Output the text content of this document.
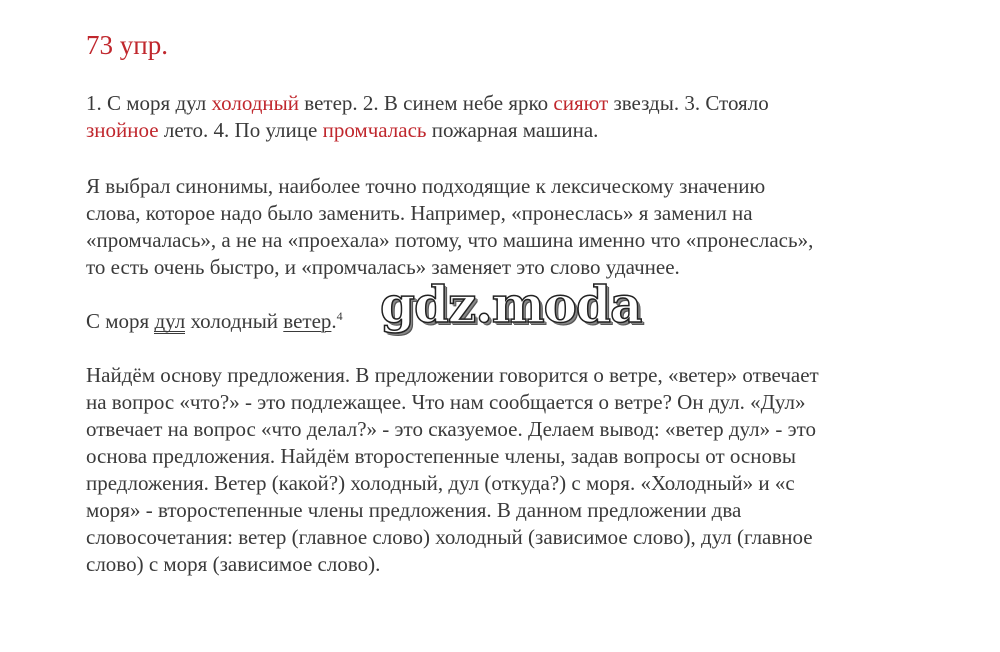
73 упр.
1. С моря дул холодный ветер. 2. В синем небе ярко сияют звезды. 3. Стояло
знойное лето. 4. По улице промчалась пожарная машина.
Я выбрал синонимы, наиболее точно подходящие к лексическому значению
слова, которое надо было заменить. Например, «пронеслась» я заменил на
«промчалась», а не на «проехала» потому, что машина именно что «пронеслась»,
то есть очень быстро, и «промчалась» заменяет это слово удачнее.
С моря дул холодный ветер.$^4$
Найдём основу предложения. В предложении говорится о ветре, «ветер» отвечает
на вопрос «что?» - это подлежащее. Что нам сообщается о ветре? Он дул. «Дул»
отвечает на вопрос «что делал?» - это сказуемое. Делаем вывод: «ветер дул» - это
основа предложения. Найдём второстепенные члены, задав вопросы от основы
предложения. Ветер (какой?) холодный, дул (откуда?) с моря. «Холодный» и «с
моря» - второстепенные члены предложения. В данном предложении два
словосочетания: ветер (главное слово) холодный (зависимое слово), дул (главное
слово) с моря (зависимое слово).
gdz.moda
